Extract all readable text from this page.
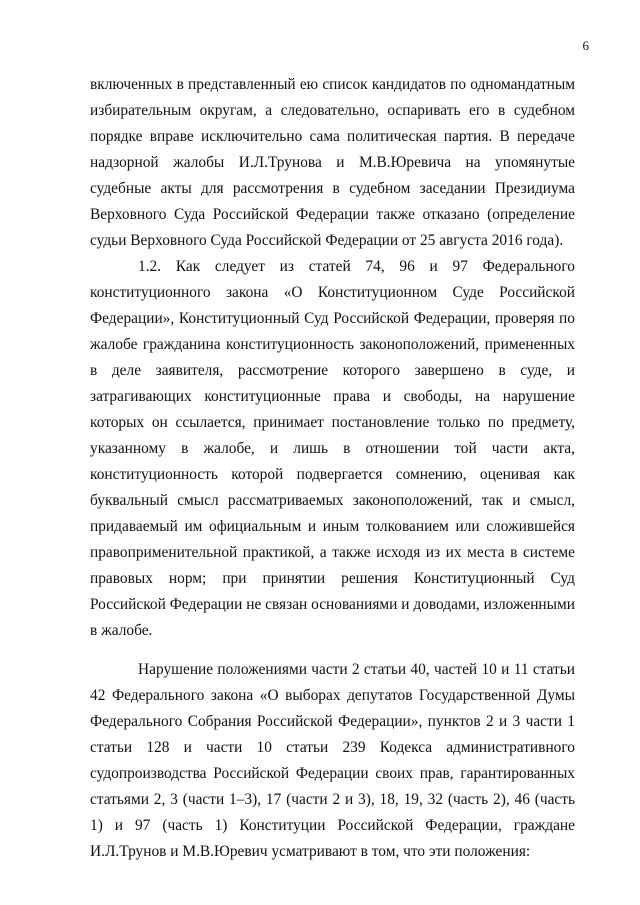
6

включенных в представленный ею список кандидатов по одномандатным избирательным округам, а следовательно, оспаривать его в судебном порядке вправе исключительно сама политическая партия. В передаче надзорной жалобы И.Л.Трунова и М.В.Юревича на упомянутые судебные акты для рассмотрения в судебном заседании Президиума Верховного Суда Российской Федерации также отказано (определение судьи Верховного Суда Российской Федерации от 25 августа 2016 года).

1.2. Как следует из статей 74, 96 и 97 Федерального конституционного закона «О Конституционном Суде Российской Федерации», Конституционный Суд Российской Федерации, проверяя по жалобе гражданина конституционность законоположений, примененных в деле заявителя, рассмотрение которого завершено в суде, и затрагивающих конституционные права и свободы, на нарушение которых он ссылается, принимает постановление только по предмету, указанному в жалобе, и лишь в отношении той части акта, конституционность которой подвергается сомнению, оценивая как буквальный смысл рассматриваемых законоположений, так и смысл, придаваемый им официальным и иным толкованием или сложившейся правоприменительной практикой, а также исходя из их места в системе правовых норм; при принятии решения Конституционный Суд Российской Федерации не связан основаниями и доводами, изложенными в жалобе.

Нарушение положениями части 2 статьи 40, частей 10 и 11 статьи 42 Федерального закона «О выборах депутатов Государственной Думы Федерального Собрания Российской Федерации», пунктов 2 и 3 части 1 статьи 128 и части 10 статьи 239 Кодекса административного судопроизводства Российской Федерации своих прав, гарантированных статьями 2, 3 (части 1–3), 17 (части 2 и 3), 18, 19, 32 (часть 2), 46 (часть 1) и 97 (часть 1) Конституции Российской Федерации, граждане И.Л.Трунов и М.В.Юревич усматривают в том, что эти положения:
